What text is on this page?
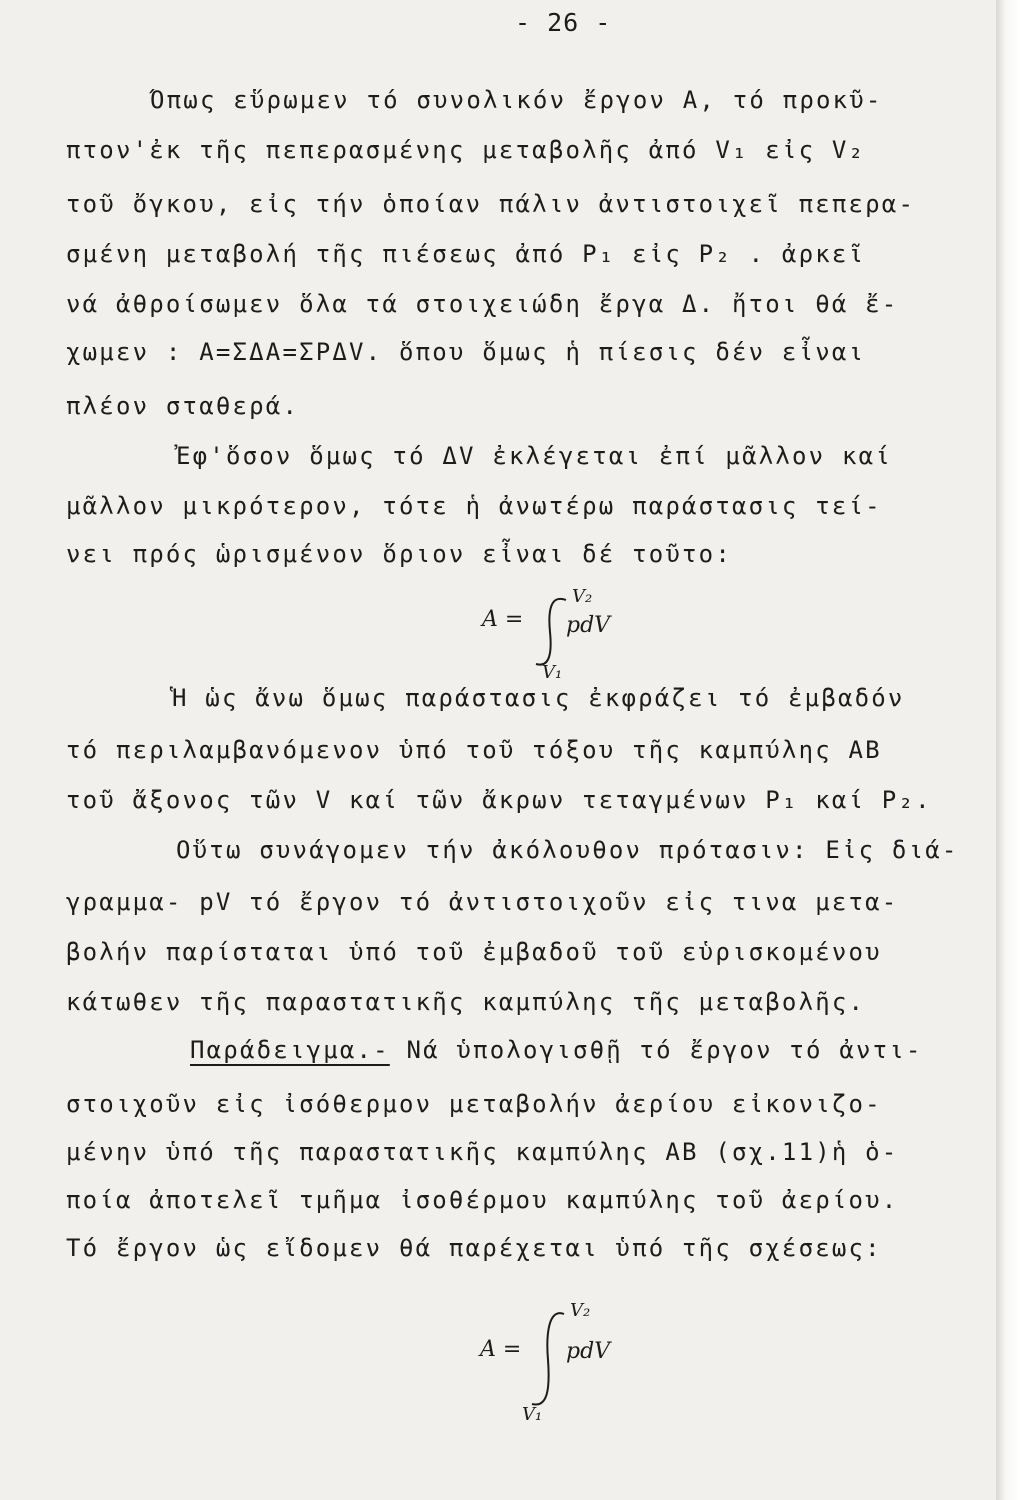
- 26 -
Όπως εὕρωμεν τό συνολικόν ἔργον Α, τό προκῦ-
πτον'ἐκ τῆς πεπερασμένης μεταβολῆς ἀπό V₁ εἰς V₂
τοῦ ὄγκου, εἰς τήν ὁποίαν πάλιν ἀντιστοιχεῖ πεπερα-
σμένη μεταβολή τῆς πιέσεως ἀπό P₁ εἰς P₂ . ἀρκεῖ
νά ἀθροίσωμεν ὅλα τά στοιχειώδη ἔργα Δ. ἤτοι θά ἔ-
χωμεν : Α=ΣΔΑ=ΣΡΔV. ὅπου ὅμως ἡ πίεσις δέν εἶναι
πλέον σταθερά.
Ἐφ'ὅσον ὅμως τό ΔV ἐκλέγεται ἐπί μᾶλλον καί
μᾶλλον μικρότερον, τότε ἡ ἀνωτέρω παράστασις τεί-
νει πρός ὡρισμένον ὅριον εἶναι δέ τοῦτο:
A =
V₂
pdV
V₁
Ἡ ὡς ἄνω ὅμως παράστασις ἐκφράζει τό ἐμβαδόν
τό περιλαμβανόμενον ὑπό τοῦ τόξου τῆς καμπύλης ΑΒ
τοῦ ἄξονος τῶν V καί τῶν ἄκρων τεταγμένων P₁ καί P₂.
Οὕτω συνάγομεν τήν ἀκόλουθον πρότασιν: Εἰς διά-
γραμμα- pV τό ἔργον τό ἀντιστοιχοῦν εἰς τινα μετα-
βολήν παρίσταται ὑπό τοῦ ἐμβαδοῦ τοῦ εὑρισκομένου
κάτωθεν τῆς παραστατικῆς καμπύλης τῆς μεταβολῆς.
Παράδειγμα.- Νά ὑπολογισθῇ τό ἔργον τό ἀντι-
στοιχοῦν εἰς ἰσόθερμον μεταβολήν ἀερίου εἰκονιζο-
μένην ὑπό τῆς παραστατικῆς καμπύλης ΑΒ (σχ.11)ἡ ὁ-
ποία ἀποτελεῖ τμῆμα ἰσοθέρμου καμπύλης τοῦ ἀερίου.
Τό ἔργον ὡς εἴδομεν θά παρέχεται ὑπό τῆς σχέσεως:
A =
V₂
pdV
V₁
